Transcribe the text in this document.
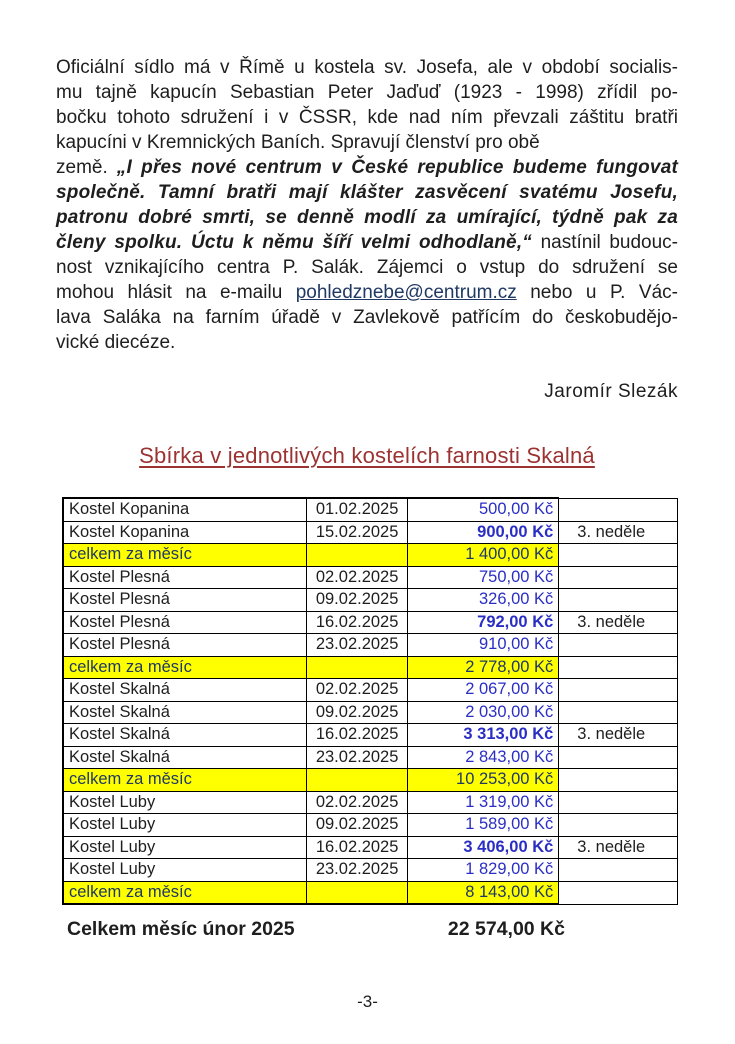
Oficiální sídlo má v Římě u kostela sv. Josefa, ale v období socialis-
mu tajně kapucín Sebastian Peter Jaďuď (1923 - 1998) zřídil po-
bočku tohoto sdružení i v ČSSR, kde nad ním převzali záštitu bratři
kapucíni v Kremnických Baních. Spravují členství pro obě
země. „I přes nové centrum v České republice budeme fungovat
společně. Tamní bratři mají klášter zasvěcení svatému Josefu,
patronu dobré smrti, se denně modlí za umírající, týdně pak za
členy spolku. Úctu k němu šíří velmi odhodlaně,“ nastínil budouc-
nost vznikajícího centra P. Salák. Zájemci o vstup do sdružení se
mohou hlásit na e-mailu pohledznebe@centrum.cz nebo u P. Vác-
lava Saláka na farním úřadě v Zavlekově patřícím do českobudějo-
vické diecéze.
Jaromír Slezák
Sbírka v jednotlivých kostelích farnosti Skalná
Kostel Kopanina	01.02.2025	500,00 Kč	
Kostel Kopanina	15.02.2025	900,00 Kč	3. neděle
celkem za měsíc		1 400,00 Kč	
Kostel Plesná	02.02.2025	750,00 Kč	
Kostel Plesná	09.02.2025	326,00 Kč	
Kostel Plesná	16.02.2025	792,00 Kč	3. neděle
Kostel Plesná	23.02.2025	910,00 Kč	
celkem za měsíc		2 778,00 Kč	
Kostel Skalná	02.02.2025	2 067,00 Kč	
Kostel Skalná	09.02.2025	2 030,00 Kč	
Kostel Skalná	16.02.2025	3 313,00 Kč	3. neděle
Kostel Skalná	23.02.2025	2 843,00 Kč	
celkem za měsíc		10 253,00 Kč	
Kostel Luby	02.02.2025	1 319,00 Kč	
Kostel Luby	09.02.2025	1 589,00 Kč	
Kostel Luby	16.02.2025	3 406,00 Kč	3. neděle
Kostel Luby	23.02.2025	1 829,00 Kč	
celkem za měsíc		8 143,00 Kč	
Celkem měsíc únor 2025	22 574,00 Kč
-3-
